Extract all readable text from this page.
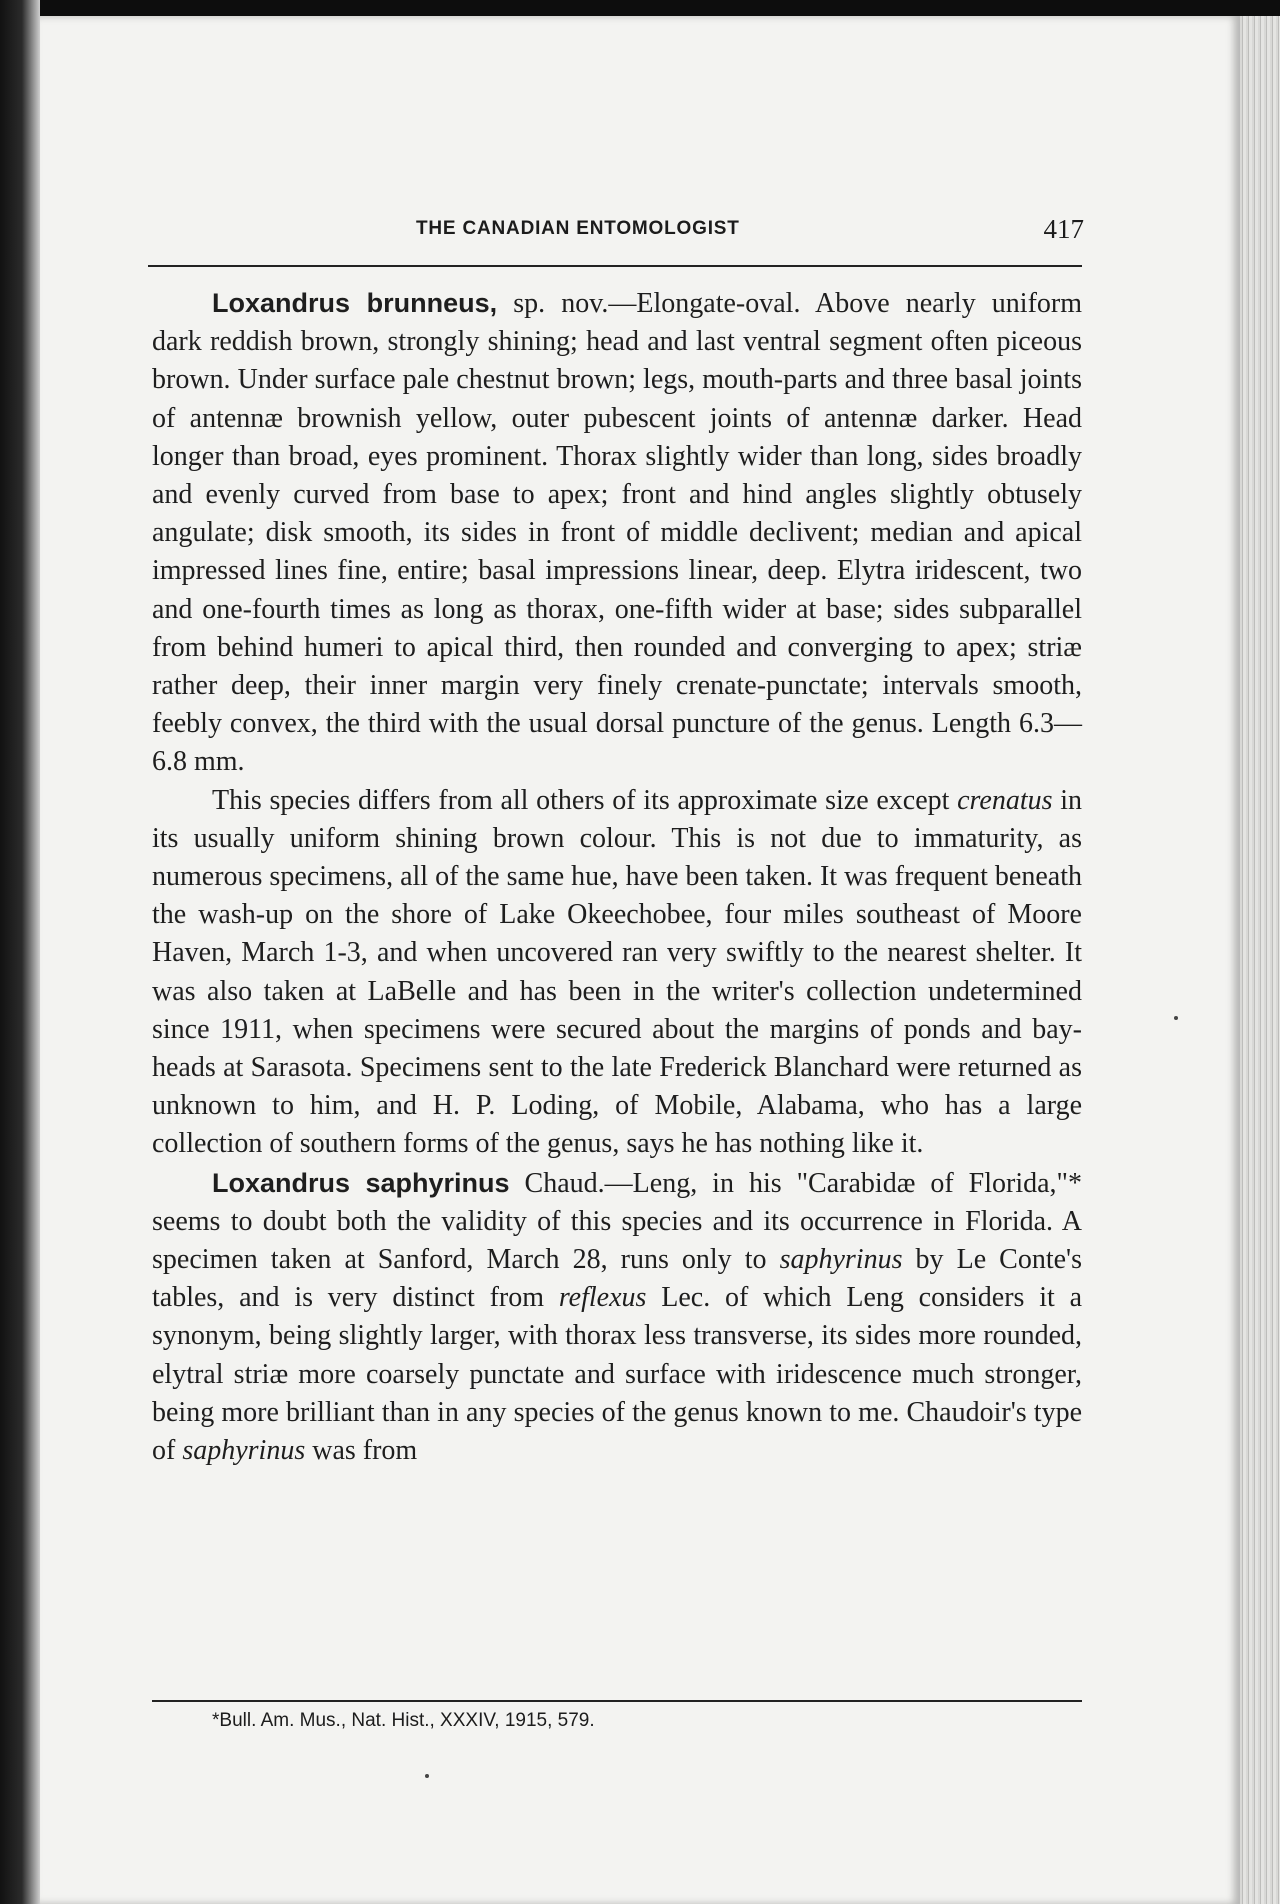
THE CANADIAN ENTOMOLOGIST	417

Loxandrus brunneus, sp. nov.—Elongate-oval. Above nearly uniform dark reddish brown, strongly shining; head and last ventral segment often piceous brown. Under surface pale chestnut brown; legs, mouth-parts and three basal joints of antennæ brownish yellow, outer pubescent joints of antennæ darker. Head longer than broad, eyes prominent. Thorax slightly wider than long, sides broadly and evenly curved from base to apex; front and hind angles slightly obtusely angulate; disk smooth, its sides in front of middle declivent; median and apical impressed lines fine, entire; basal impressions linear, deep. Elytra iridescent, two and one-fourth times as long as thorax, one-fifth wider at base; sides subparallel from behind humeri to apical third, then rounded and converging to apex; striæ rather deep, their inner margin very finely crenate-punctate; intervals smooth, feebly convex, the third with the usual dorsal puncture of the genus. Length 6.3—6.8 mm.

This species differs from all others of its approximate size except crenatus in its usually uniform shining brown colour. This is not due to immaturity, as numerous specimens, all of the same hue, have been taken. It was frequent beneath the wash-up on the shore of Lake Okeechobee, four miles southeast of Moore Haven, March 1-3, and when uncovered ran very swiftly to the nearest shelter. It was also taken at LaBelle and has been in the writer's collection undetermined since 1911, when specimens were secured about the margins of ponds and bay-heads at Sarasota. Specimens sent to the late Frederick Blanchard were returned as unknown to him, and H. P. Loding, of Mobile, Alabama, who has a large collection of southern forms of the genus, says he has nothing like it.

Loxandrus saphyrinus Chaud.—Leng, in his "Carabidæ of Florida,"* seems to doubt both the validity of this species and its occurrence in Florida. A specimen taken at Sanford, March 28, runs only to saphyrinus by Le Conte's tables, and is very distinct from reflexus Lec. of which Leng considers it a synonym, being slightly larger, with thorax less transverse, its sides more rounded, elytral striæ more coarsely punctate and surface with iridescence much stronger, being more brilliant than in any species of the genus known to me. Chaudoir's type of saphyrinus was from

*Bull. Am. Mus., Nat. Hist., XXXIV, 1915, 579.
